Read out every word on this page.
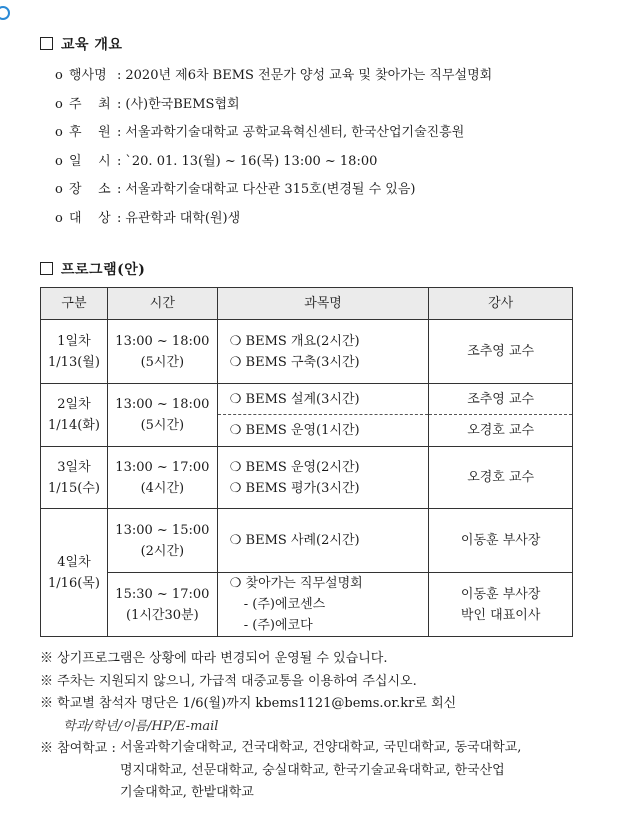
교육 개요
o 행사명 : 2020년 제6차 BEMS 전문가 양성 교육 및 찾아가는 직무설명회
o 주    최 : (사)한국BEMS협회
o 후    원 : 서울과학기술대학교 공학교육혁신센터, 한국산업기술진흥원
o 일    시 : `20. 01. 13(월) ~ 16(목) 13:00 ~ 18:00
o 장    소 : 서울과학기술대학교 다산관 315호(변경될 수 있음)
o 대    상 : 유관학과 대학(원)생
프로그램(안)
구분	시간	과목명	강사

1일차
1/13(월)	13:00 ~ 18:00
(5시간)	❍ BEMS 개요(2시간)
❍ BEMS 구축(3시간)	조추영 교수

2일차
1/14(화)	13:00 ~ 18:00
(5시간)	❍ BEMS 설계(3시간)	조추영 교수
		❍ BEMS 운영(1시간)	오경호 교수

3일차
1/15(수)	13:00 ~ 17:00
(4시간)	❍ BEMS 운영(2시간)
❍ BEMS 평가(3시간)	오경호 교수

4일차
1/16(목)	13:00 ~ 15:00
(2시간)	❍ BEMS 사례(2시간)	이동훈 부사장

	15:30 ~ 17:00
(1시간30분)	❍ 찾아가는 직무설명회
- (주)에코센스
- (주)에코다	이동훈 부사장
박인 대표이사
※ 상기프로그램은 상황에 따라 변경되어 운영될 수 있습니다.
※ 주차는 지원되지 않으니, 가급적 대중교통을 이용하여 주십시오.
※ 학교별 참석자 명단은 1/6(월)까지 kbems1121@bems.or.kr로 회신
학과/학년/이름/HP/E-mail
※ 참여학교 : 서울과학기술대학교, 건국대학교, 건양대학교, 국민대학교, 동국대학교,
명지대학교, 선문대학교, 숭실대학교, 한국기술교육대학교, 한국산업
기술대학교, 한밭대학교
